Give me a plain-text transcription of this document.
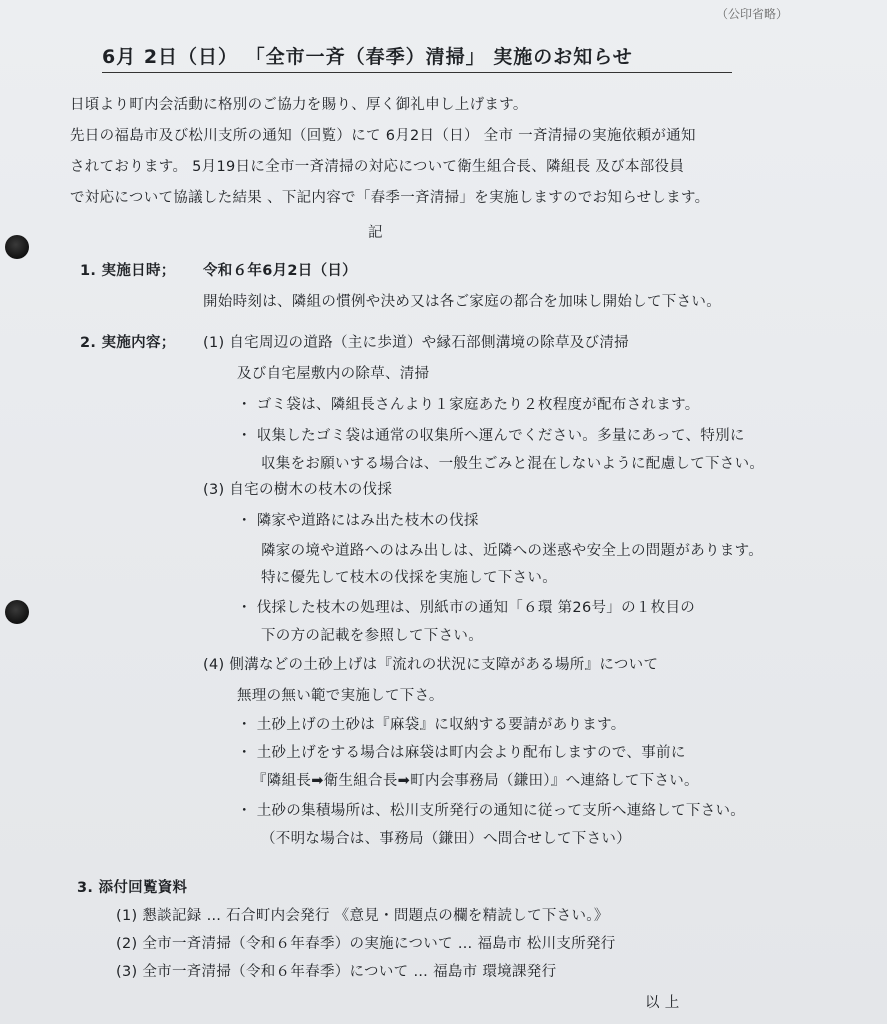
（公印省略）
6月 2日（日） 「全市一斉（春季）清掃」 実施のお知らせ
日頃より町内会活動に格別のご協力を賜り、厚く御礼申し上げます。
先日の福島市及び松川支所の通知（回覧）にて 6月2日（日） 全市 一斉清掃の実施依頼が通知
されております。 5月19日に全市一斉清掃の対応について衛生組合長、隣組長 及び本部役員
で対応について協議した結果 、下記内容で「春季一斉清掃」を実施しますのでお知らせします。
記
1. 実施日時； 令和６年6月2日（日）
開始時刻は、隣組の慣例や決め又は各ご家庭の都合を加味し開始して下さい。
2. 実施内容； (1) 自宅周辺の道路（主に歩道）や縁石部側溝境の除草及び清掃
及び自宅屋敷内の除草、清掃
・ ゴミ袋は、隣組長さんより１家庭あたり２枚程度が配布されます。
・ 収集したゴミ袋は通常の収集所へ運んでください。多量にあって、特別に
収集をお願いする場合は、一般生ごみと混在しないように配慮して下さい。
(3) 自宅の樹木の枝木の伐採
・ 隣家や道路にはみ出た枝木の伐採
隣家の境や道路へのはみ出しは、近隣への迷惑や安全上の問題があります。
特に優先して枝木の伐採を実施して下さい。
・ 伐採した枝木の処理は、別紙市の通知「６環 第26号」の１枚目の
下の方の記載を参照して下さい。
(4) 側溝などの土砂上げは『流れの状況に支障がある場所』について
無理の無い範で実施して下さ。
・ 土砂上げの土砂は『麻袋』に収納する要請があります。
・ 土砂上げをする場合は麻袋は町内会より配布しますので、事前に
『隣組長➡衛生組合長➡町内会事務局（鎌田）』へ連絡して下さい。
・ 土砂の集積場所は、松川支所発行の通知に従って支所へ連絡して下さい。
（不明な場合は、事務局（鎌田）へ問合せして下さい）
3. 添付回覧資料
(1) 懇談記録 … 石合町内会発行 《意見・問題点の欄を精読して下さい。》
(2) 全市一斉清掃（令和６年春季）の実施について … 福島市 松川支所発行
(3) 全市一斉清掃（令和６年春季）について … 福島市 環境課発行
以 上
